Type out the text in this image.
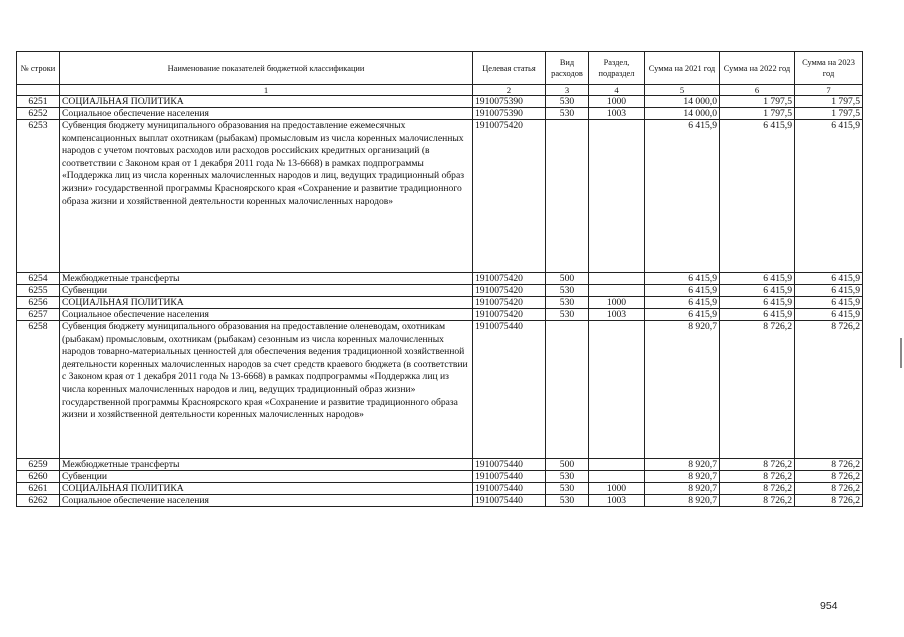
№ строки	Наименование показателей бюджетной классификации	Целевая статья	Вид расходов	Раздел, подраздел	Сумма на 2021 год	Сумма на 2022 год	Сумма на 2023 год
	1	2	3	4	5	6	7
6251	СОЦИАЛЬНАЯ ПОЛИТИКА	1910075390	530	1000	14 000,0	1 797,5	1 797,5
6252	Социальное обеспечение населения	1910075390	530	1003	14 000,0	1 797,5	1 797,5
6253	Субвенция бюджету муниципального образования на предоставление ежемесячных компенсационных выплат охотникам (рыбакам) промысловым из числа коренных малочисленных народов с учетом почтовых расходов или расходов российских кредитных организаций (в соответствии с Законом края от 1 декабря 2011 года № 13-6668) в рамках подпрограммы «Поддержка лиц из числа коренных малочисленных народов и лиц, ведущих традиционный образ жизни» государственной программы Красноярского края «Сохранение и развитие традиционного образа жизни и хозяйственной деятельности коренных малочисленных народов»	1910075420			6 415,9	6 415,9	6 415,9
6254	Межбюджетные трансферты	1910075420	500		6 415,9	6 415,9	6 415,9
6255	Субвенции	1910075420	530		6 415,9	6 415,9	6 415,9
6256	СОЦИАЛЬНАЯ ПОЛИТИКА	1910075420	530	1000	6 415,9	6 415,9	6 415,9
6257	Социальное обеспечение населения	1910075420	530	1003	6 415,9	6 415,9	6 415,9
6258	Субвенция бюджету муниципального образования на предоставление оленеводам, охотникам (рыбакам) промысловым, охотникам (рыбакам) сезонным из числа коренных малочисленных народов товарно-материальных ценностей для обеспечения ведения традиционной хозяйственной деятельности коренных малочисленных народов за счет средств краевого бюджета (в соответствии с Законом края от 1 декабря 2011 года № 13-6668) в рамках подпрограммы «Поддержка лиц из числа коренных малочисленных народов и лиц, ведущих традиционный образ жизни» государственной программы Красноярского края «Сохранение и развитие традиционного образа жизни и хозяйственной деятельности коренных малочисленных народов»	1910075440			8 920,7	8 726,2	8 726,2
6259	Межбюджетные трансферты	1910075440	500		8 920,7	8 726,2	8 726,2
6260	Субвенции	1910075440	530		8 920,7	8 726,2	8 726,2
6261	СОЦИАЛЬНАЯ ПОЛИТИКА	1910075440	530	1000	8 920,7	8 726,2	8 726,2
6262	Социальное обеспечение населения	1910075440	530	1003	8 920,7	8 726,2	8 726,2
954
